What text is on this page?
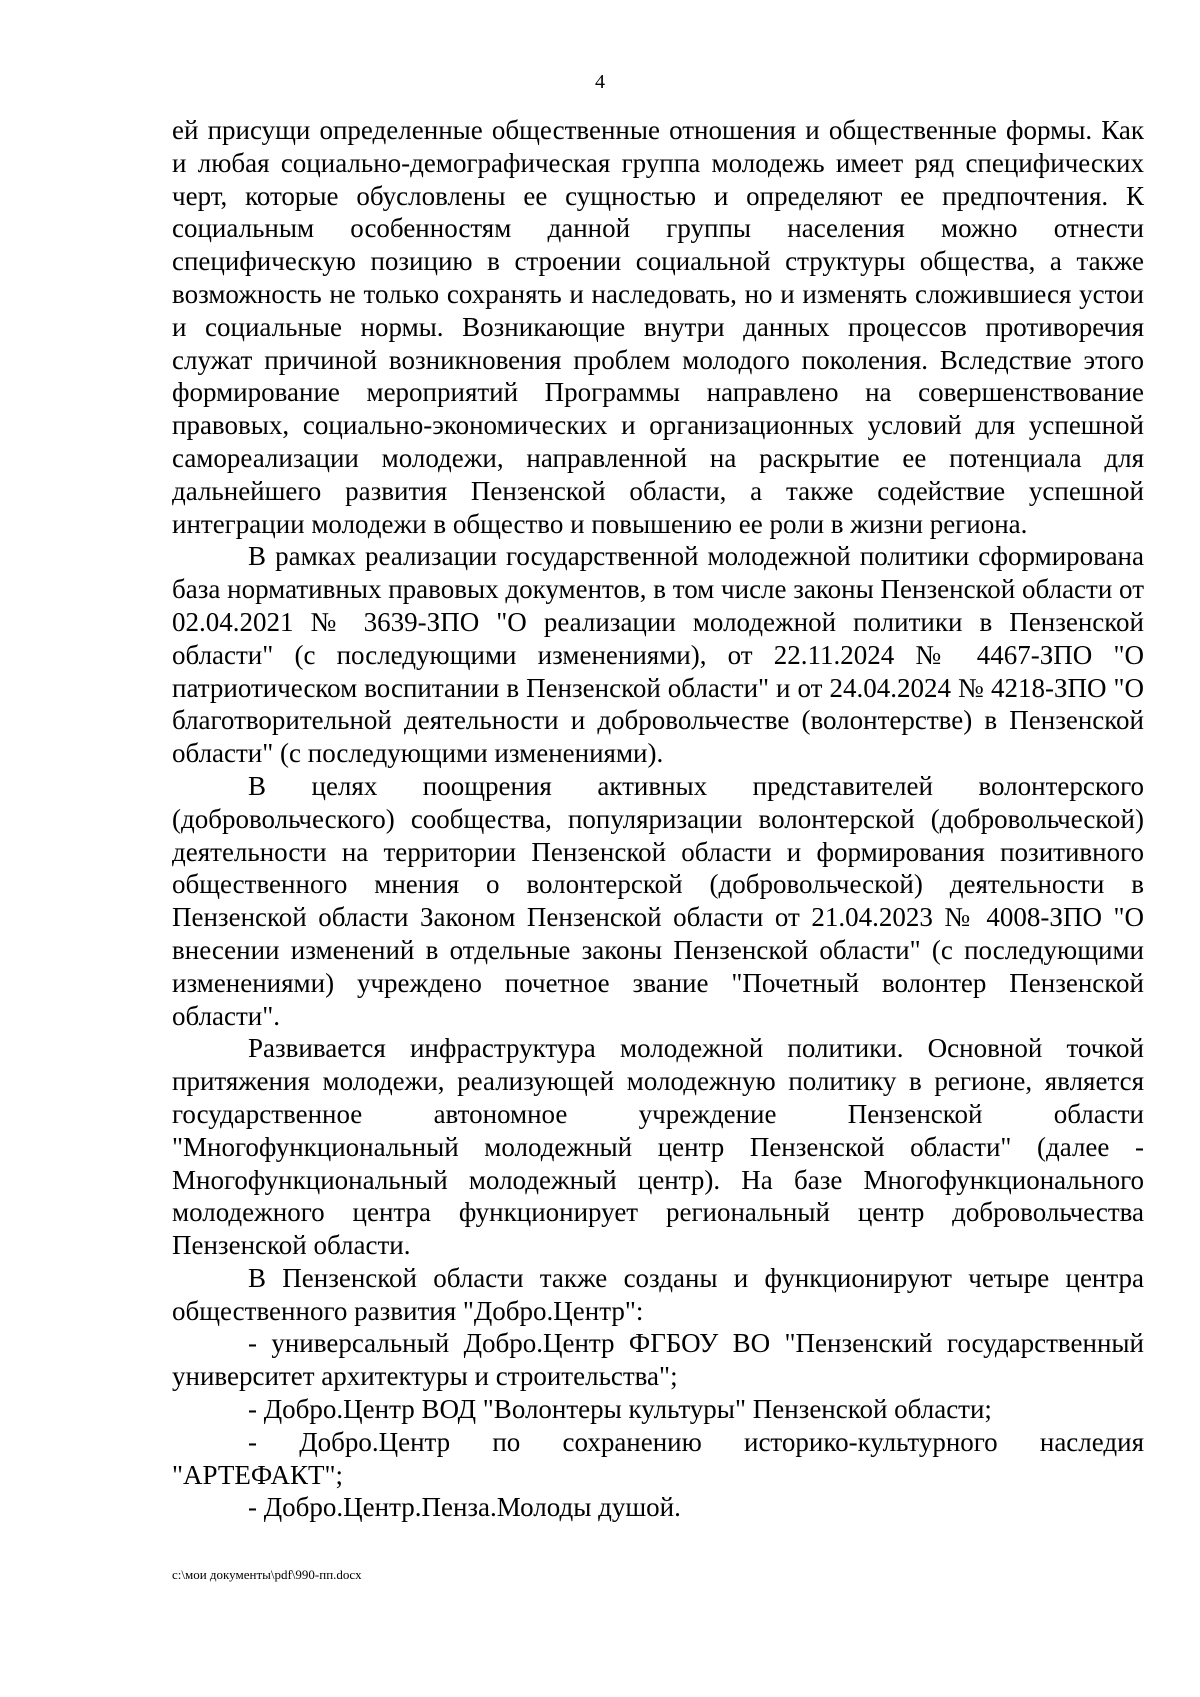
4

ей присущи определенные общественные отношения и общественные формы. Как и любая социально-демографическая группа молодежь имеет ряд специфических черт, которые обусловлены ее сущностью и определяют ее предпочтения. К социальным особенностям данной группы населения можно отнести специфическую позицию в строении социальной структуры общества, а также возможность не только сохранять и наследовать, но и изменять сложившиеся устои и социальные нормы. Возникающие внутри данных процессов противоречия служат причиной возникновения проблем молодого поколения. Вследствие этого формирование мероприятий Программы направлено на совершенствование правовых, социально-экономических и организационных условий для успешной самореализации молодежи, направленной на раскрытие ее потенциала для дальнейшего развития Пензенской области, а также содействие успешной интеграции молодежи в общество и повышению ее роли в жизни региона.

В рамках реализации государственной молодежной политики сформирована база нормативных правовых документов, в том числе законы Пензенской области от 02.04.2021 № 3639-ЗПО "О реализации молодежной политики в Пензенской области" (с последующими изменениями), от 22.11.2024 № 4467-ЗПО "О патриотическом воспитании в Пензенской области" и от 24.04.2024 № 4218-ЗПО "О благотворительной деятельности и добровольчестве (волонтерстве) в Пензенской области" (с последующими изменениями).

В целях поощрения активных представителей волонтерского (добровольческого) сообщества, популяризации волонтерской (добровольческой) деятельности на территории Пензенской области и формирования позитивного общественного мнения о волонтерской (добровольческой) деятельности в Пензенской области Законом Пензенской области от 21.04.2023 № 4008-ЗПО "О внесении изменений в отдельные законы Пензенской области" (с последующими изменениями) учреждено почетное звание "Почетный волонтер Пензенской области".

Развивается инфраструктура молодежной политики. Основной точкой притяжения молодежи, реализующей молодежную политику в регионе, является государственное автономное учреждение Пензенской области "Многофункциональный молодежный центр Пензенской области" (далее - Многофункциональный молодежный центр). На базе Многофункционального молодежного центра функционирует региональный центр добровольчества Пензенской области.

В Пензенской области также созданы и функционируют четыре центра общественного развития "Добро.Центр":

- универсальный Добро.Центр ФГБОУ ВО "Пензенский государственный университет архитектуры и строительства";

- Добро.Центр ВОД "Волонтеры культуры" Пензенской области;

- Добро.Центр по сохранению историко-культурного наследия "АРТЕФАКТ";

- Добро.Центр.Пенза.Молоды душой.

c:\мои документы\pdf\990-пп.docx
